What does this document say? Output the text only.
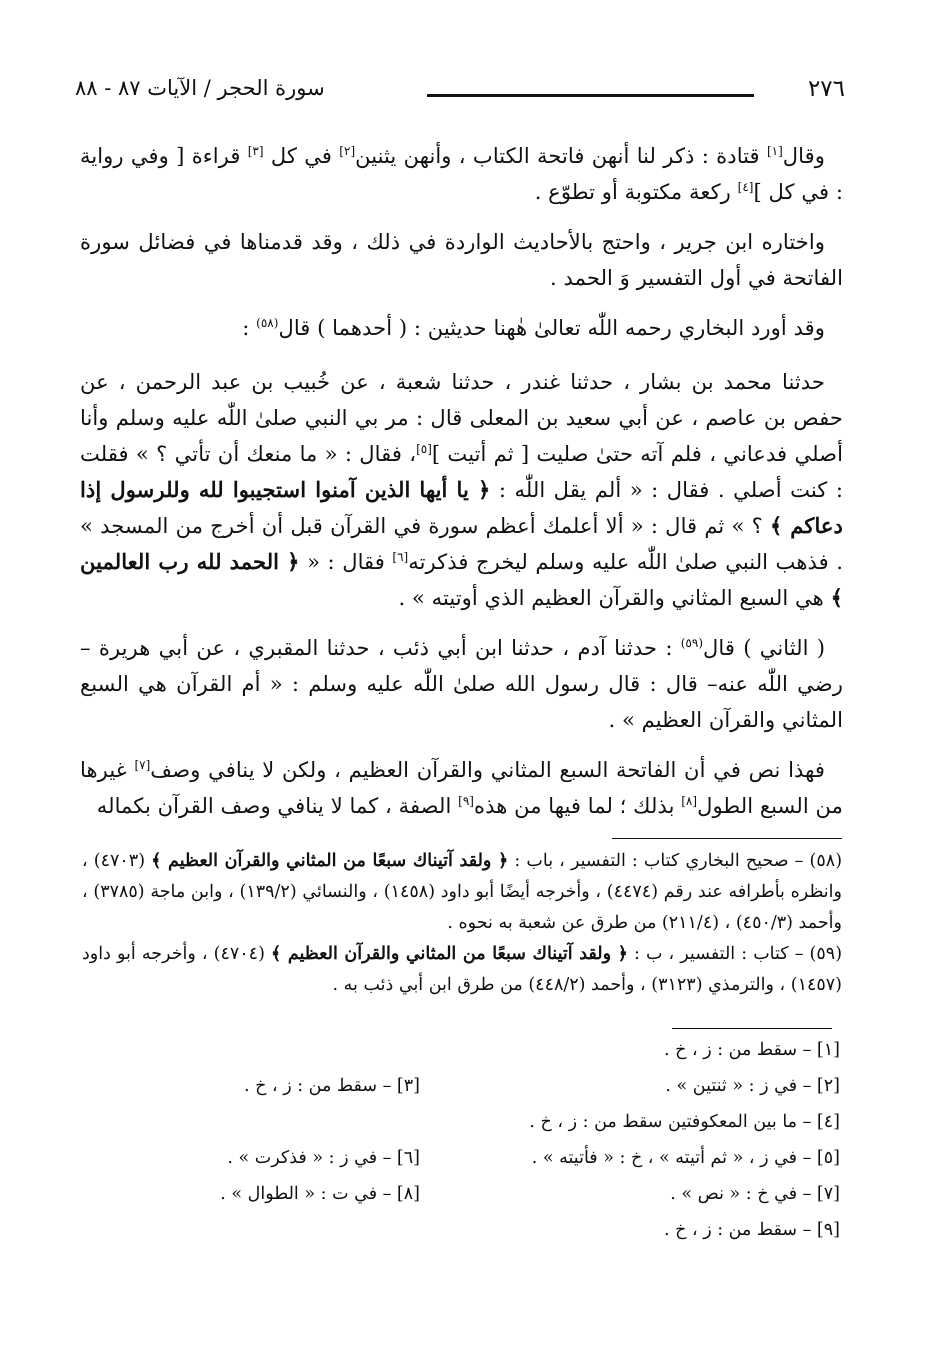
٢٧٦
سورة الحجر / الآيات ٨٧ - ٨٨

وقال[١] قتادة : ذكر لنا أنهن فاتحة الكتاب ، وأنهن يثنين[٢] في كل [٣] قراءة [ وفي رواية : في كل ][٤] ركعة مكتوبة أو تطوّع .

واختاره ابن جرير ، واحتج بالأحاديث الواردة في ذلك ، وقد قدمناها في فضائل سورة الفاتحة في أول التفسير وَ الحمد .

وقد أورد البخاري رحمه اللّٰه تعالىٰ هٰهنا حديثين : ( أحدهما ) قال$^{(٥٨)}$ :

حدثنا محمد بن بشار ، حدثنا غندر ، حدثنا شعبة ، عن خُبيب بن عبد الرحمن ، عن حفص بن عاصم ، عن أبي سعيد بن المعلى قال : مر بي النبي صلىٰ اللّٰه عليه وسلم وأنا أصلي فدعاني ، فلم آته حتىٰ صليت [ ثم أتيت ][٥]، فقال : « ما منعك أن تأتي ؟ » فقلت : كنت أصلي . فقال : « ألم يقل اللّٰه : ﴿ يا أيها الذين آمنوا استجيبوا لله وللرسول إذا دعاكم ﴾ ؟ » ثم قال : « ألا أعلمك أعظم سورة في القرآن قبل أن أخرج من المسجد » . فذهب النبي صلىٰ اللّٰه عليه وسلم ليخرج فذكرته[٦] فقال : « ﴿ الحمد لله رب العالمين ﴾ هي السبع المثاني والقرآن العظيم الذي أوتيته » .

( الثاني ) قال$^{(٥٩)}$ : حدثنا آدم ، حدثنا ابن أبي ذئب ، حدثنا المقبري ، عن أبي هريرة –رضي اللّٰه عنه– قال : قال رسول الله صلىٰ اللّٰه عليه وسلم : « أم القرآن هي السبع المثاني والقرآن العظيم » .

فهذا نص في أن الفاتحة السبع المثاني والقرآن العظيم ، ولكن لا ينافي وصف[٧] غيرها من السبع الطول[٨] بذلك ؛ لما فيها من هذه[٩] الصفة ، كما لا ينافي وصف القرآن بكماله

(٥٨) – صحيح البخاري كتاب : التفسير ، باب : ﴿ ولقد آتيناك سبعًا من المثاني والقرآن العظيم ﴾ (٤٧٠٣) ، وانظره بأطرافه عند رقم (٤٤٧٤) ، وأخرجه أيضًا أبو داود (١٤٥٨) ، والنسائي (١٣٩/٢) ، وابن ماجة (٣٧٨٥) ، وأحمد (٤٥٠/٣) ، (٢١١/٤) من طرق عن شعبة به نحوه .

(٥٩) – كتاب : التفسير ، ب : ﴿ ولقد آتيناك سبعًا من المثاني والقرآن العظيم ﴾ (٤٧٠٤) ، وأخرجه أبو داود (١٤٥٧) ، والترمذي (٣١٢٣) ، وأحمد (٤٤٨/٢) من طرق ابن أبي ذئب به .

[١] – سقط من : ز ، خ .
[٢] – في ز : « ثنتين » .
[٣] – سقط من : ز ، خ .
[٤] – ما بين المعكوفتين سقط من : ز ، خ .
[٥] – في ز ، « ثم أتيته » ، خ : « فأتيته » .
[٦] – في ز : « فذكرت » .
[٧] – في خ : « نص » .
[٨] – في ت : « الطوال » .
[٩] – سقط من : ز ، خ .
